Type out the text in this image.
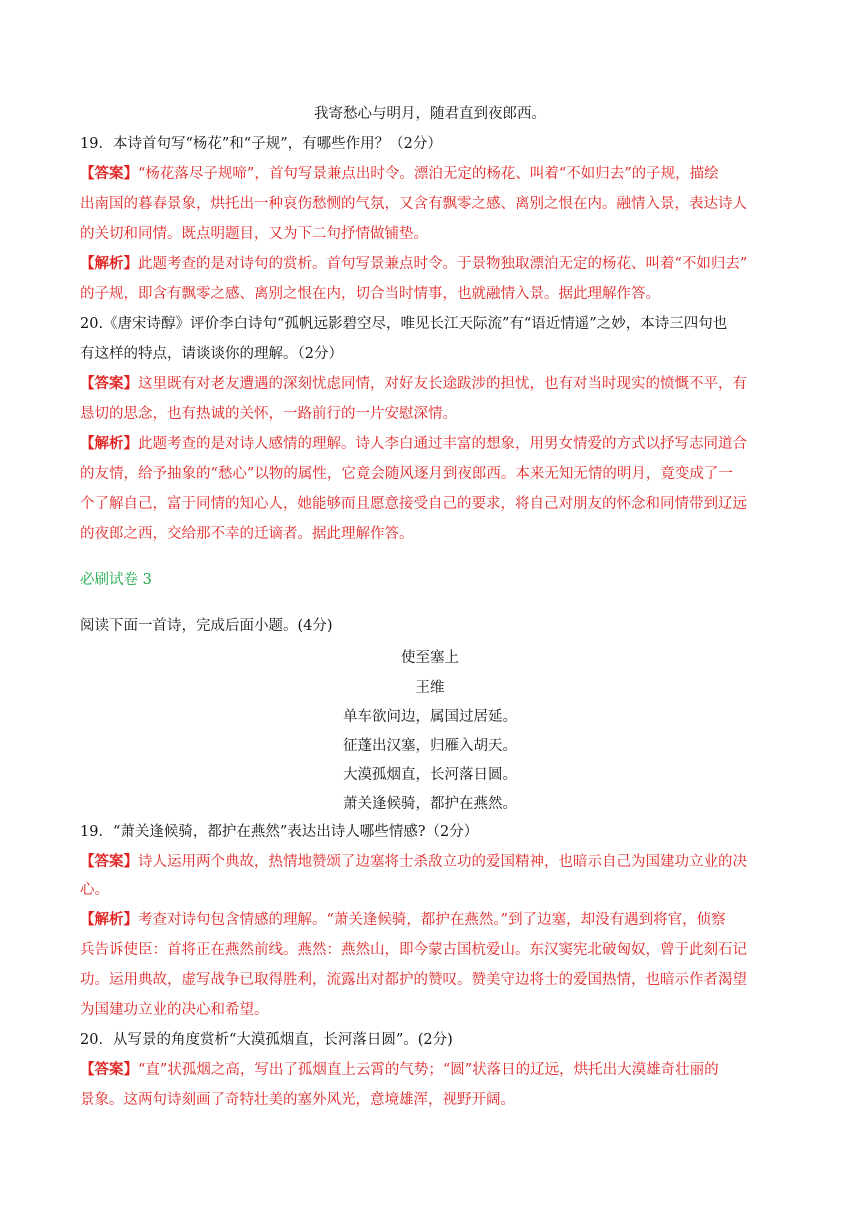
我寄愁心与明月，随君直到夜郎西。
19．本诗首句写“杨花”和“子规”，有哪些作用？（2分）
【答案】“杨花落尽子规啼”，首句写景兼点出时令。漂泊无定的杨花、叫着“不如归去”的子规，描绘
出南国的暮春景象，烘托出一种哀伤愁恻的气氛，又含有飘零之感、离别之恨在内。融情入景，表达诗人
的关切和同情。既点明题目，又为下二句抒情做铺垫。
【解析】此题考查的是对诗句的赏析。首句写景兼点时令。于景物独取漂泊无定的杨花、叫着“不如归去”
的子规，即含有飘零之感、离别之恨在内，切合当时情事，也就融情入景。据此理解作答。
20.《唐宋诗醇》评价李白诗句“孤帆远影碧空尽，唯见长江天际流”有“语近情遥”之妙，本诗三四句也
有这样的特点，请谈谈你的理解。（2分）
【答案】这里既有对老友遭遇的深刻忧虑同情，对好友长途跋涉的担忧，也有对当时现实的愤慨不平，有
恳切的思念，也有热诚的关怀，一路前行的一片安慰深情。
【解析】此题考查的是对诗人感情的理解。诗人李白通过丰富的想象，用男女情爱的方式以抒写志同道合
的友情，给予抽象的“愁心”以物的属性，它竟会随风逐月到夜郎西。本来无知无情的明月，竟变成了一
个了解自己，富于同情的知心人，她能够而且愿意接受自己的要求，将自己对朋友的怀念和同情带到辽远
的夜郎之西，交给那不幸的迁谪者。据此理解作答。
必刷试卷 3
阅读下面一首诗，完成后面小题。(4分)
使至塞上
王维
单车欲问边，属国过居延。
征蓬出汉塞，归雁入胡天。
大漠孤烟直，长河落日圆。
萧关逢候骑，都护在燕然。
19．“萧关逢候骑，都护在燕然”表达出诗人哪些情感?（2分）
【答案】诗人运用两个典故，热情地赞颂了边塞将士杀敌立功的爱国精神，也暗示自己为国建功立业的决
心。
【解析】考查对诗句包含情感的理解。“萧关逢候骑，都护在燕然。”到了边塞，却没有遇到将官，侦察
兵告诉使臣：首将正在燕然前线。燕然：燕然山，即今蒙古国杭爱山。东汉窦宪北破匈奴，曾于此刻石记
功。运用典故，虚写战争已取得胜利，流露出对都护的赞叹。赞美守边将士的爱国热情，也暗示作者渴望
为国建功立业的决心和希望。
20．从写景的角度赏析“大漠孤烟直，长河落日圆”。(2分)
【答案】“直”状孤烟之高，写出了孤烟直上云霄的气势；“圆”状落日的辽远，烘托出大漠雄奇壮丽的
景象。这两句诗刻画了奇特壮美的塞外风光，意境雄浑，视野开阔。
